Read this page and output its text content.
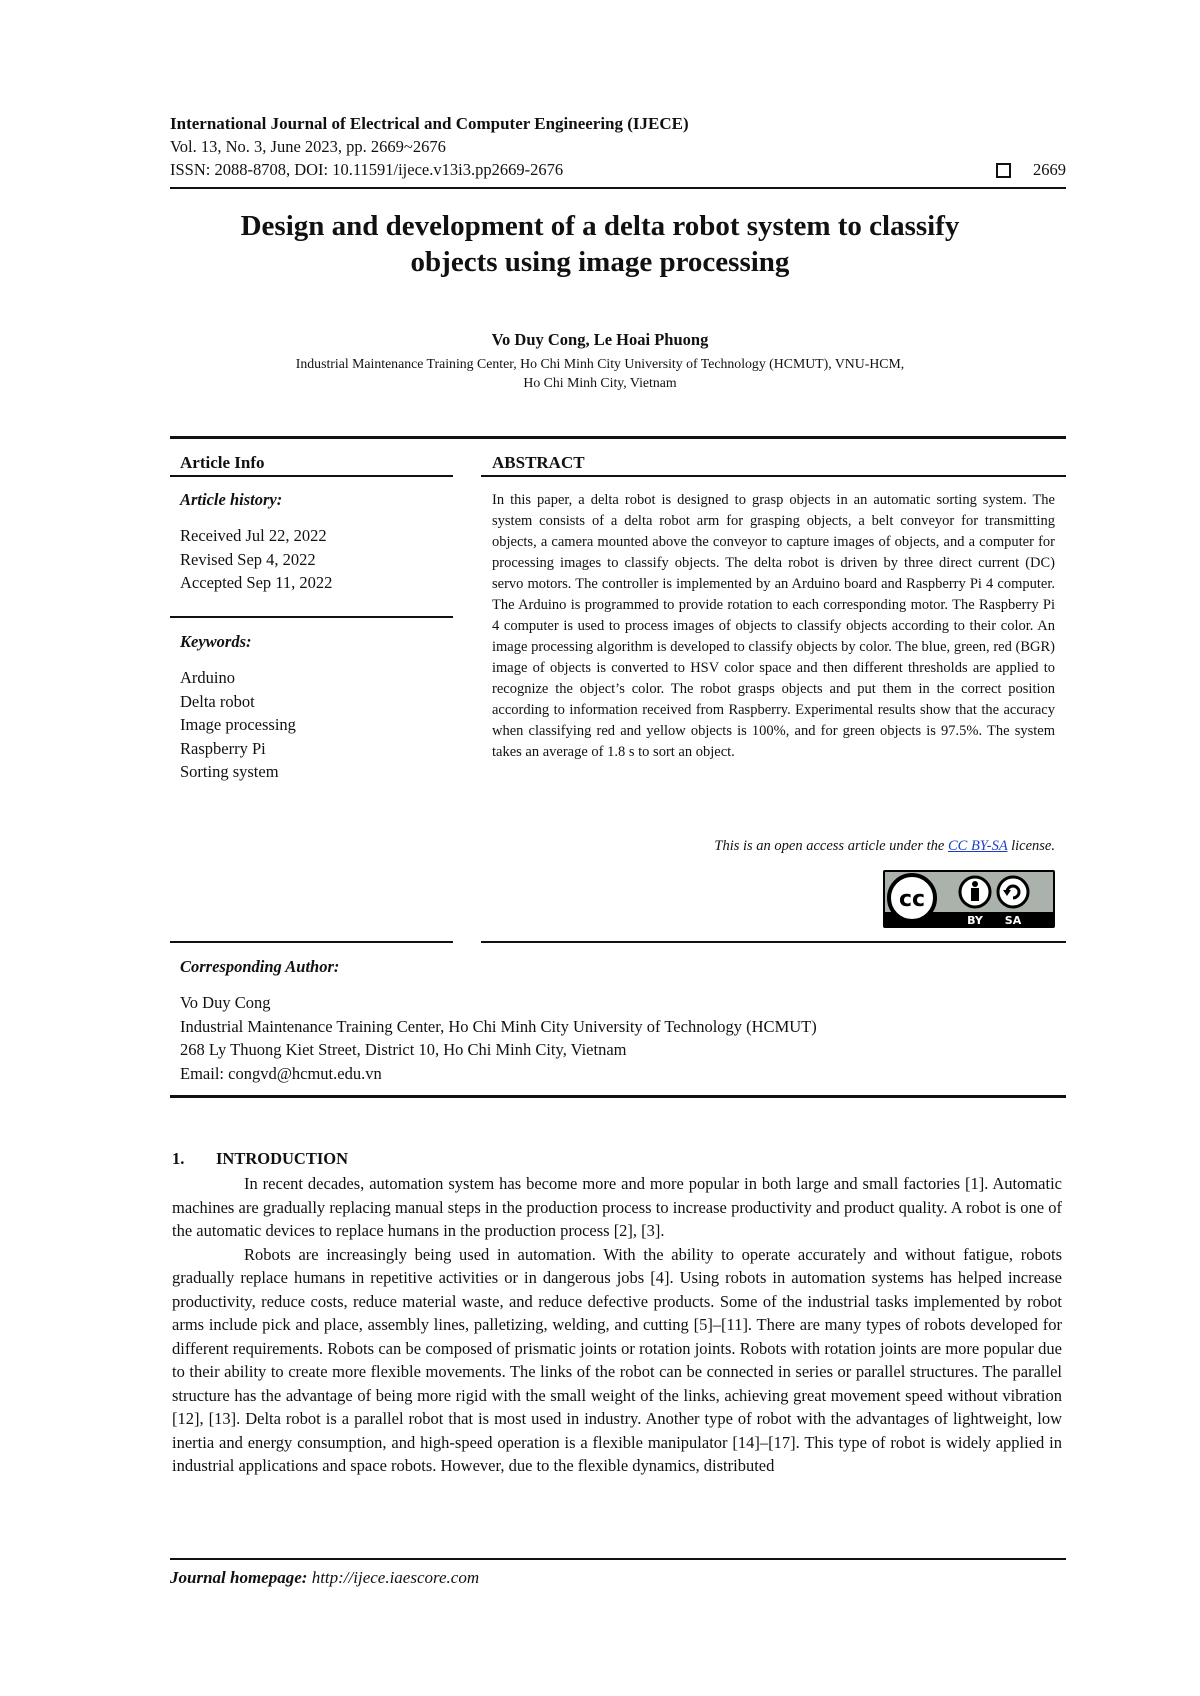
International Journal of Electrical and Computer Engineering (IJECE)
Vol. 13, No. 3, June 2023, pp. 2669~2676
ISSN: 2088-8708, DOI: 10.11591/ijece.v13i3.pp2669-2676	2669
Design and development of a delta robot system to classify
objects using image processing
Vo Duy Cong, Le Hoai Phuong
Industrial Maintenance Training Center, Ho Chi Minh City University of Technology (HCMUT), VNU-HCM,
Ho Chi Minh City, Vietnam
Article Info
Article history:
Received Jul 22, 2022
Revised Sep 4, 2022
Accepted Sep 11, 2022
Keywords:
Arduino
Delta robot
Image processing
Raspberry Pi
Sorting system
ABSTRACT
In this paper, a delta robot is designed to grasp objects in an automatic sorting system. The system consists of a delta robot arm for grasping objects, a belt conveyor for transmitting objects, a camera mounted above the conveyor to capture images of objects, and a computer for processing images to classify objects. The delta robot is driven by three direct current (DC) servo motors. The controller is implemented by an Arduino board and Raspberry Pi 4 computer. The Arduino is programmed to provide rotation to each corresponding motor. The Raspberry Pi 4 computer is used to process images of objects to classify objects according to their color. An image processing algorithm is developed to classify objects by color. The blue, green, red (BGR) image of objects is converted to HSV color space and then different thresholds are applied to recognize the object’s color. The robot grasps objects and put them in the correct position according to information received from Raspberry. Experimental results show that the accuracy when classifying red and yellow objects is 100%, and for green objects is 97.5%. The system takes an average of 1.8 s to sort an object.
This is an open access article under the CC BY-SA license.
cc
BY SA
Corresponding Author:
Vo Duy Cong
Industrial Maintenance Training Center, Ho Chi Minh City University of Technology (HCMUT)
268 Ly Thuong Kiet Street, District 10, Ho Chi Minh City, Vietnam
Email: congvd@hcmut.edu.vn
1. INTRODUCTION

In recent decades, automation system has become more and more popular in both large and small factories [1]. Automatic machines are gradually replacing manual steps in the production process to increase productivity and product quality. A robot is one of the automatic devices to replace humans in the production process [2], [3].

Robots are increasingly being used in automation. With the ability to operate accurately and without fatigue, robots gradually replace humans in repetitive activities or in dangerous jobs [4]. Using robots in automation systems has helped increase productivity, reduce costs, reduce material waste, and reduce defective products. Some of the industrial tasks implemented by robot arms include pick and place, assembly lines, palletizing, welding, and cutting [5]–[11]. There are many types of robots developed for different requirements. Robots can be composed of prismatic joints or rotation joints. Robots with rotation joints are more popular due to their ability to create more flexible movements. The links of the robot can be connected in series or parallel structures. The parallel structure has the advantage of being more rigid with the small weight of the links, achieving great movement speed without vibration [12], [13]. Delta robot is a parallel robot that is most used in industry. Another type of robot with the advantages of lightweight, low inertia and energy consumption, and high-speed operation is a flexible manipulator [14]–[17]. This type of robot is widely applied in industrial applications and space robots. However, due to the flexible dynamics, distributed

Journal homepage: http://ijece.iaescore.com
